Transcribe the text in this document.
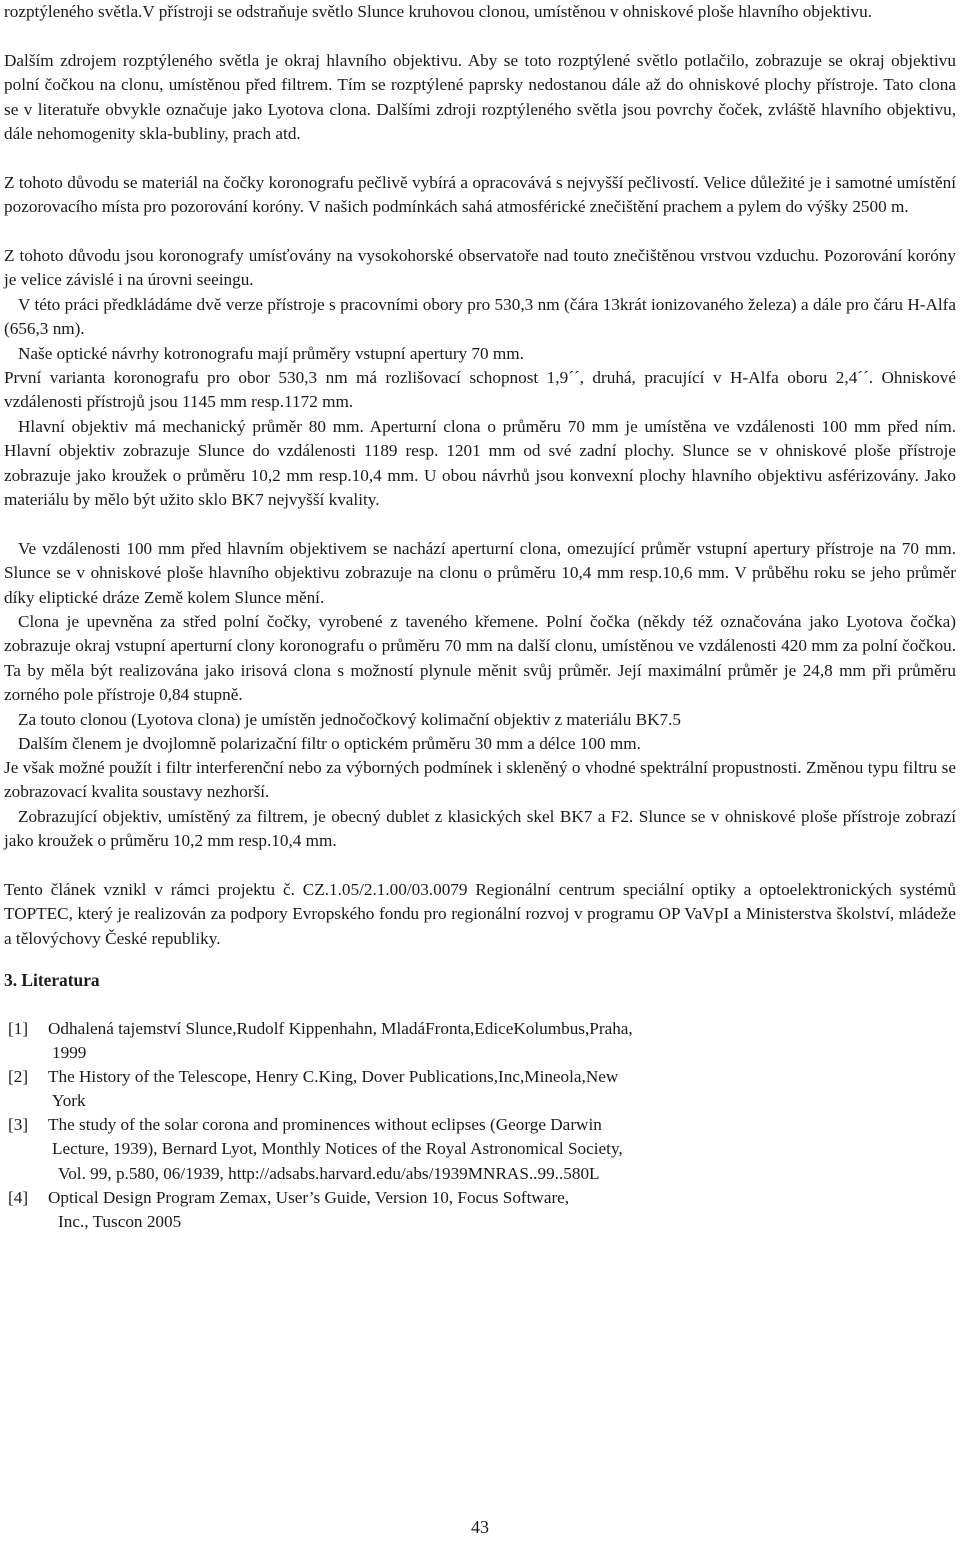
rozptýleného světla.V přístroji se odstraňuje světlo Slunce kruhovou clonou, umístěnou v ohniskové ploše hlavního objektivu.

Dalším zdrojem rozptýleného světla je okraj hlavního objektivu. Aby se toto rozptýlené světlo potlačilo, zobrazuje se okraj objektivu polní čočkou na clonu, umístěnou před filtrem. Tím se rozptýlené paprsky nedostanou dále až do ohniskové plochy přístroje. Tato clona se v literatuře obvykle označuje jako Lyotova clona. Dalšími zdroji rozptýleného světla jsou povrchy čoček, zvláště hlavního objektivu, dále nehomogenity skla-bubliny, prach atd.

Z tohoto důvodu se materiál na čočky koronografu pečlivě vybírá a opracovává s nejvyšší pečlivostí. Velice důležité je i samotné umístění pozorovacího místa pro pozorování koróny. V našich podmínkách sahá atmosférické znečištění prachem a pylem do výšky 2500 m.

Z tohoto důvodu jsou koronografy umísťovány na vysokohorské observatoře nad touto znečištěnou vrstvou vzduchu. Pozorování koróny je velice závislé i na úrovni seeingu.

V této práci předkládáme dvě verze přístroje s pracovními obory pro 530,3 nm (čára 13krát ionizovaného železa) a dále pro čáru H-Alfa (656,3 nm).

Naše optické návrhy kotronografu mají průměry vstupní apertury 70 mm.

První varianta koronografu pro obor 530,3 nm má rozlišovací schopnost 1,9´´, druhá, pracující v H-Alfa oboru 2,4´´. Ohniskové vzdálenosti přístrojů jsou 1145 mm resp.1172 mm.

Hlavní objektiv má mechanický průměr 80 mm. Aperturní clona o průměru 70 mm je umístěna ve vzdálenosti 100 mm před ním. Hlavní objektiv zobrazuje Slunce do vzdálenosti 1189 resp. 1201 mm od své zadní plochy. Slunce se v ohniskové ploše přístroje zobrazuje jako kroužek o průměru 10,2 mm resp.10,4 mm. U obou návrhů jsou konvexní plochy hlavního objektivu asférizovány. Jako materiálu by mělo být užito sklo BK7 nejvyšší kvality.

Ve vzdálenosti 100 mm před hlavním objektivem se nachází aperturní clona, omezující průměr vstupní apertury přístroje na 70 mm. Slunce se v ohniskové ploše hlavního objektivu zobrazuje na clonu o průměru 10,4 mm resp.10,6 mm. V průběhu roku se jeho průměr díky eliptické dráze Země kolem Slunce mění.

Clona je upevněna za střed polní čočky, vyrobené z taveného křemene. Polní čočka (někdy též označována jako Lyotova čočka) zobrazuje okraj vstupní aperturní clony koronografu o průměru 70 mm na další clonu, umístěnou ve vzdálenosti 420 mm za polní čočkou. Ta by měla být realizována jako irisová clona s možností plynule měnit svůj průměr. Její maximální průměr je 24,8 mm při průměru zorného pole přístroje 0,84 stupně.

Za touto clonou (Lyotova clona) je umístěn jednočočkový kolimační objektiv z materiálu BK7.5

Dalším členem je dvojlomně polarizační filtr o optickém průměru 30 mm a délce 100 mm.

Je však možné použít i filtr interferenční nebo za výborných podmínek i skleněný o vhodné spektrální propustnosti. Změnou typu filtru se zobrazovací kvalita soustavy nezhorší.

Zobrazující objektiv, umístěný za filtrem, je obecný dublet z klasických skel BK7 a F2. Slunce se v ohniskové ploše přístroje zobrazí jako kroužek o průměru 10,2 mm resp.10,4 mm.

Tento článek vznikl v rámci projektu č. CZ.1.05/2.1.00/03.0079 Regionální centrum speciální optiky a optoelektronických systémů TOPTEC, který je realizován za podpory Evropského fondu pro regionální rozvoj v programu OP VaVpI a Ministerstva školství, mládeže a tělovýchovy České republiky.

3. Literatura
[1] Odhalená tajemství Slunce,Rudolf Kippenhahn, MladáFronta,EdiceKolumbus,Praha,
1999
[2] The History of the Telescope, Henry C.King, Dover Publications,Inc,Mineola,New
York
[3] The study of the solar corona and prominences without eclipses (George Darwin
Lecture, 1939), Bernard Lyot, Monthly Notices of the Royal Astronomical Society,
Vol. 99, p.580, 06/1939, http://adsabs.harvard.edu/abs/1939MNRAS..99..580L
[4] Optical Design Program Zemax, User’s Guide, Version 10, Focus Software,
Inc., Tuscon 2005
43
